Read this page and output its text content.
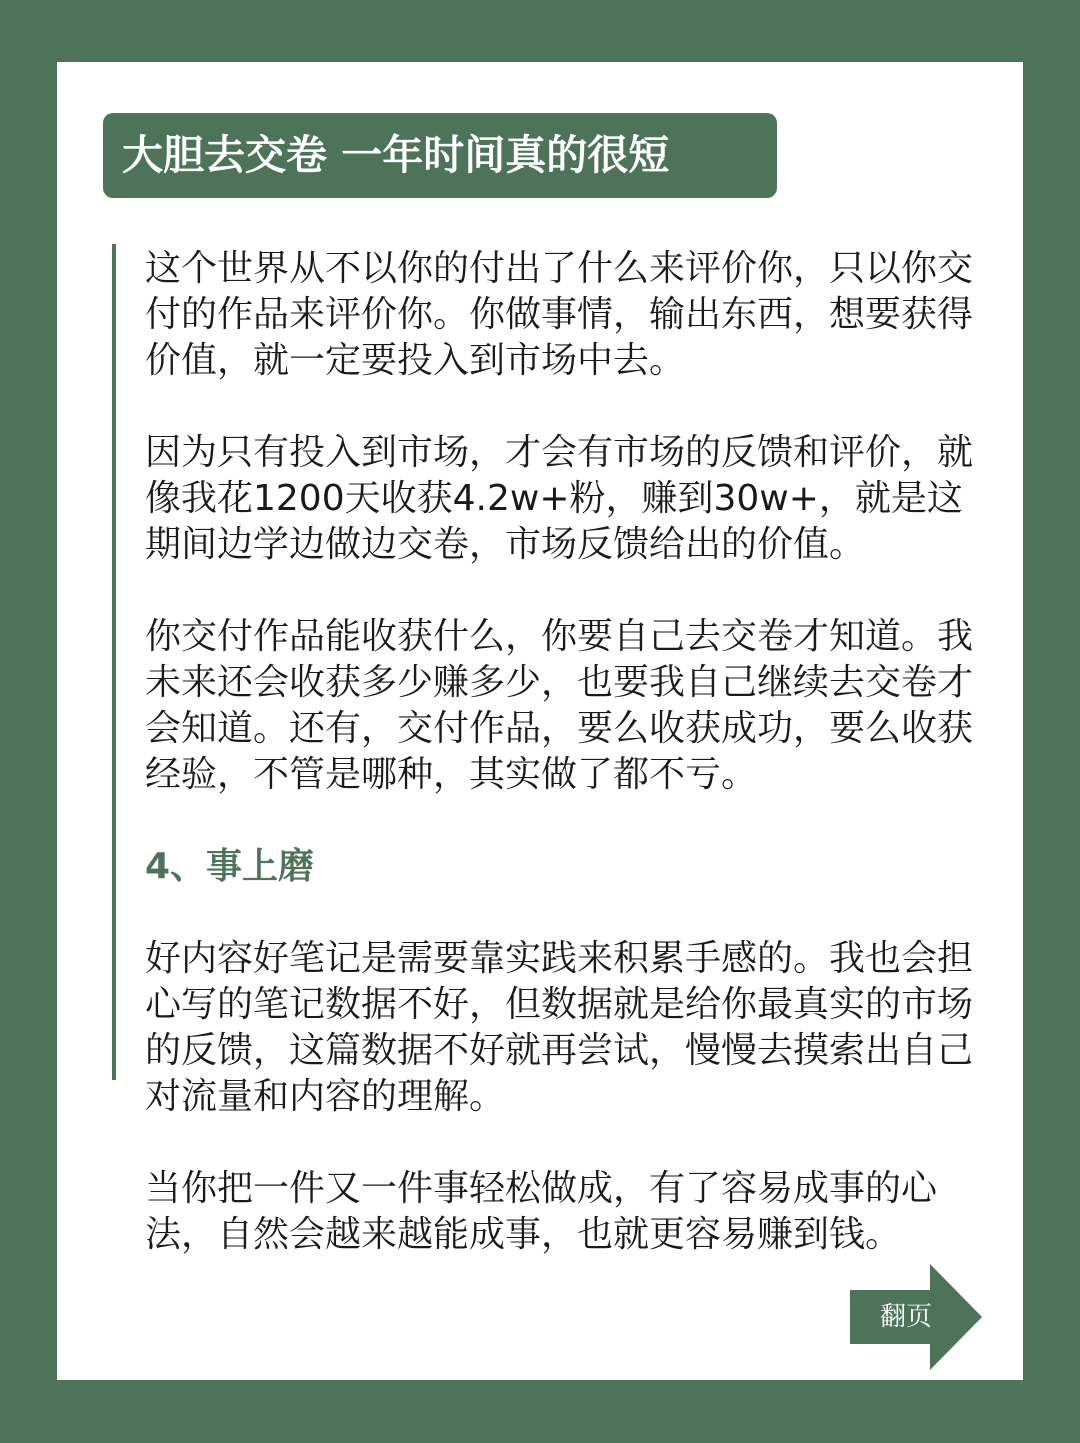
大胆去交卷 一年时间真的很短

这个世界从不以你的付出了什么来评价你，只以你交付的作品来评价你。你做事情，输出东西，想要获得价值，就一定要投入到市场中去。

因为只有投入到市场，才会有市场的反馈和评价，就像我花1200天收获4.2w+粉，赚到30w+，就是这期间边学边做边交卷，市场反馈给出的价值。

你交付作品能收获什么，你要自己去交卷才知道。我未来还会收获多少赚多少，也要我自己继续去交卷才会知道。还有，交付作品，要么收获成功，要么收获经验，不管是哪种，其实做了都不亏。

4、事上磨

好内容好笔记是需要靠实践来积累手感的。我也会担心写的笔记数据不好，但数据就是给你最真实的市场的反馈，这篇数据不好就再尝试，慢慢去摸索出自己对流量和内容的理解。

当你把一件又一件事轻松做成，有了容易成事的心法，自然会越来越能成事，也就更容易赚到钱。

翻页
